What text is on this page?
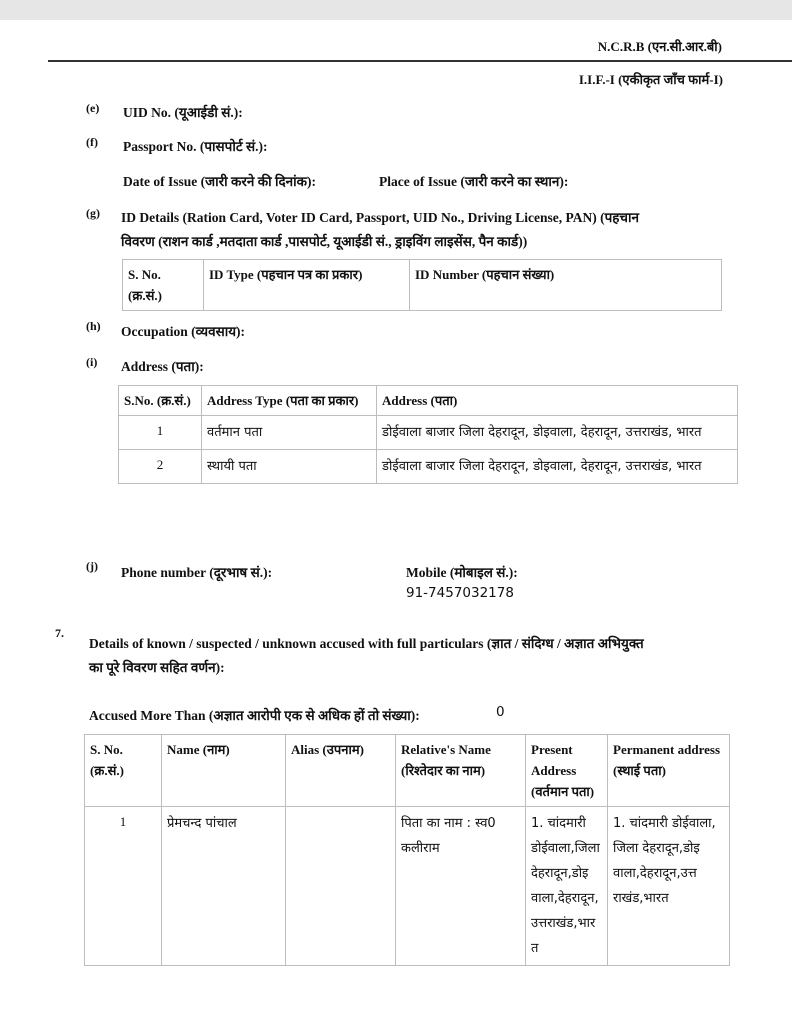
N.C.R.B (एन.सी.आर.बी)
I.I.F.-I (एकीकृत जाँच फार्म-I)
(e) UID No. (यूआईडी सं.):
(f) Passport No. (पासपोर्ट सं.):
Date of Issue (जारी करने की दिनांक):	Place of Issue (जारी करने का स्थान):
(g) ID Details (Ration Card, Voter ID Card, Passport, UID No., Driving License, PAN) (पहचान
विवरण (राशन कार्ड ,मतदाता कार्ड ,पासपोर्ट, यूआईडी सं., ड्राइविंग लाइसेंस, पैन कार्ड))
S. No. (क्र.सं.)	ID Type (पहचान पत्र का प्रकार)	ID Number (पहचान संख्या)
(h) Occupation (व्यवसाय):
(i) Address (पता):
S.No. (क्र.सं.)	Address Type (पता का प्रकार)	Address (पता)
1	वर्तमान पता	डोईवाला बाजार जिला देहरादून, डोइवाला, देहरादून, उत्तराखंड, भारत
2	स्थायी पता	डोईवाला बाजार जिला देहरादून, डोइवाला, देहरादून, उत्तराखंड, भारत
(j) Phone number (दूरभाष सं.):	Mobile (मोबाइल सं.):
91-7457032178
7.
Details of known / suspected / unknown accused with full particulars (ज्ञात / संदिग्ध / अज्ञात अभियुक्त
का पूरे विवरण सहित वर्णन):
Accused More Than (अज्ञात आरोपी एक से अधिक हों तो संख्या):	0
S. No. (क्र.सं.)	Name (नाम)	Alias (उपनाम)	Relative's Name (रिश्तेदार का नाम)	Present Address (वर्तमान पता)	Permanent address (स्थाई पता)
1	प्रेमचन्द पांचाल		पिता का नाम : स्व0 कलीराम	1. चांदमारी डोईवाला,जिला देहरादून,डोइवाला,देहरादून,उत्तराखंड,भारत	1. चांदमारी डोईवाला,जिला देहरादून,डोइवाला,देहरादून,उत्तराखंड,भारत
